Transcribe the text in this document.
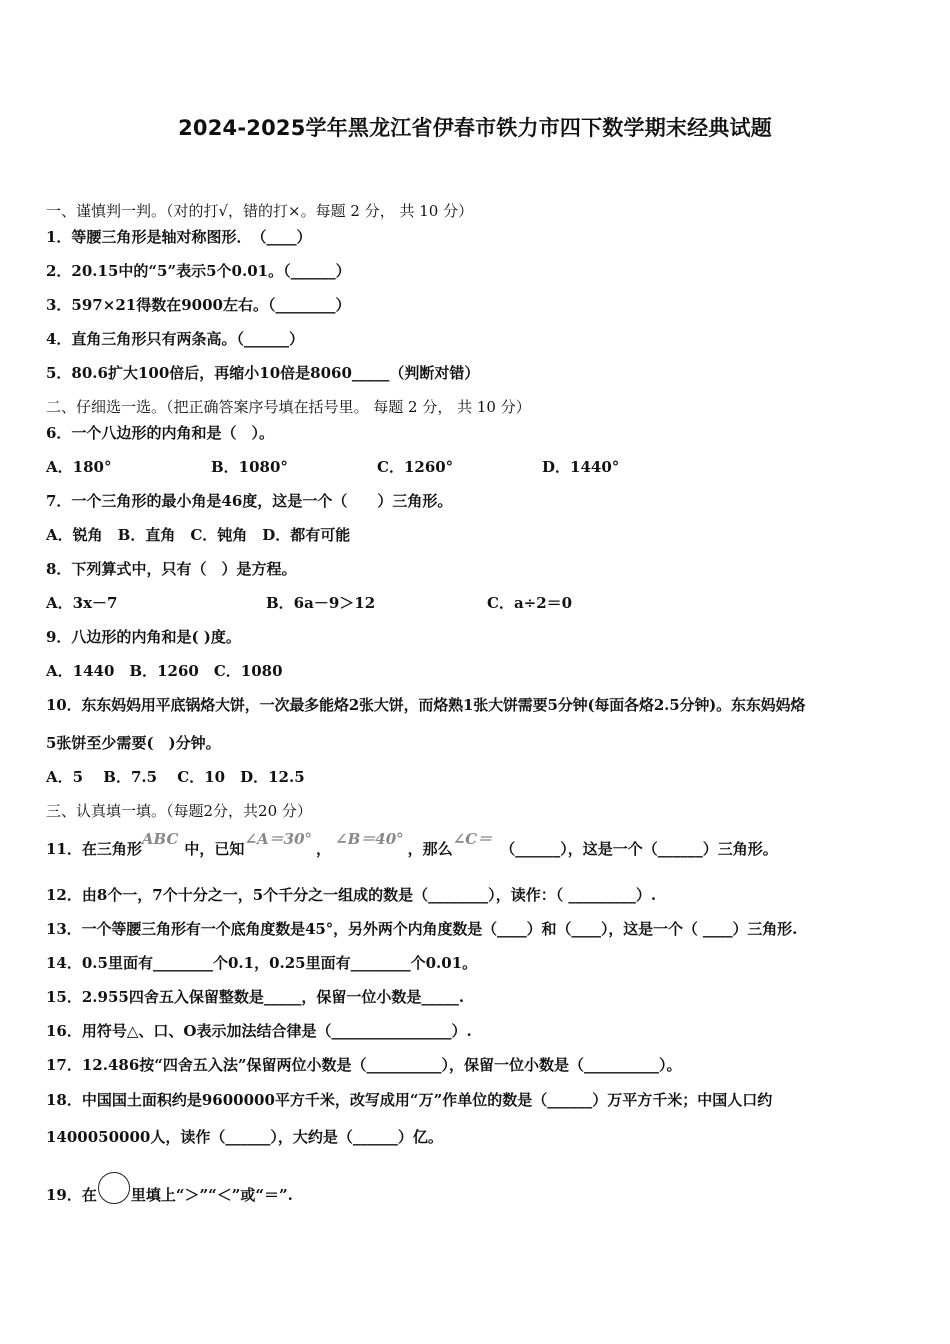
2024-2025学年黑龙江省伊春市铁力市四下数学期末经典试题
一、谨慎判一判。（对的打√，错的打×。每题 2 分， 共 10 分）
1．等腰三角形是轴对称图形．　（____）
2．20.15中的“5”表示5个0.01。（______）
3．597×21得数在9000左右。（________）
4．直角三角形只有两条高。（______）
5．80.6扩大100倍后，再缩小10倍是8060_____（判断对错）
二、仔细选一选。（把正确答案序号填在括号里。 每题 2 分， 共 10 分）
6．一个八边形的内角和是（　）。
A．180°	B．1080°	C．1260°	D．1440°
7．一个三角形的最小角是46度，这是一个（　　）三角形。
A．锐角　B．直角　C．钝角　D．都有可能
8．下列算式中，只有（　）是方程。
A．3x－7	B．6a－9＞12	C．a÷2＝0
9．八边形的内角和是( )度。
A．1440　B．1260　C．1080
10．东东妈妈用平底锅烙大饼，一次最多能烙2张大饼，而烙熟1张大饼需要5分钟(每面各烙2.5分钟)。东东妈妈烙
5张饼至少需要(　)分钟。
A．5　 B．7.5　 C．10　D．12.5
三、认真填一填。（每题2分，共20 分）
11．在三角形ABC中，已知∠A＝30°，∠B＝40°，那么∠C＝（______），这是一个（______）三角形。
12．由8个一，7个十分之一，5个千分之一组成的数是（________），读作：（ _________）.
13．一个等腰三角形有一个底角度数是45°，另外两个内角度数是（____）和（____），这是一个（ ____）三角形.
14．0.5里面有________个0.1，0.25里面有________个0.01。
15．2.955四舍五入保留整数是_____，保留一位小数是_____.
16．用符号△、口、O表示加法结合律是（________________）.
17．12.486按“四舍五入法”保留两位小数是（__________），保留一位小数是（__________）。
18．中国国土面积约是9600000平方千米，改写成用“万”作单位的数是（______）万平方千米；中国人口约
1400050000人，读作（______），大约是（______）亿。
19．在 里填上“＞”“＜”或“＝”.
